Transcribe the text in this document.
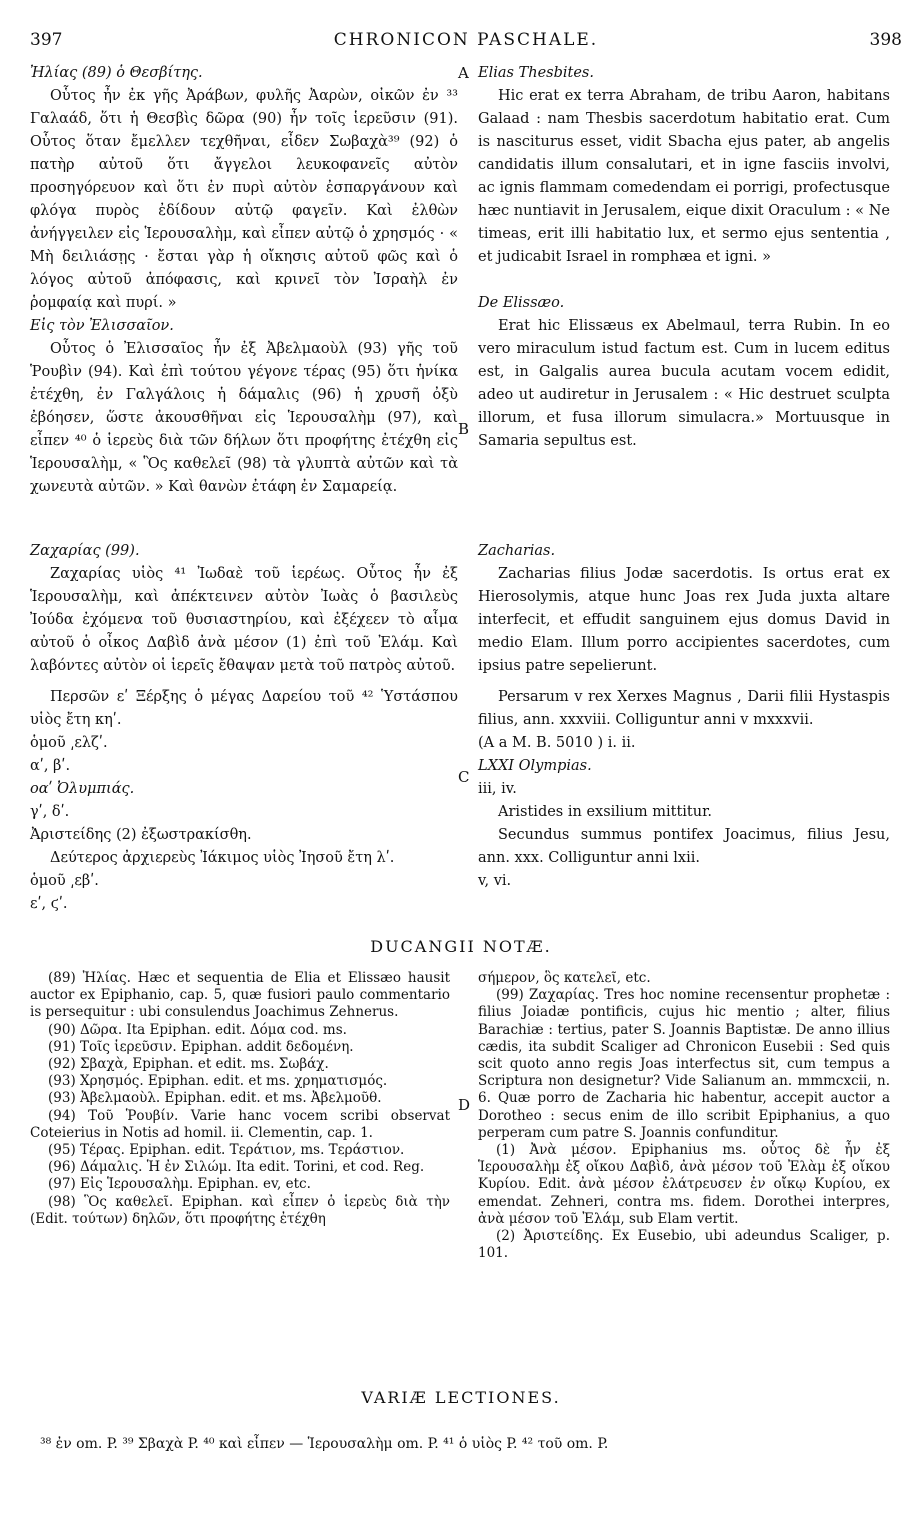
397	CHRONICON PASCHALE.	398

Ἠλίας (89) ὁ Θεσβίτης.

Οὗτος ἦν ἐκ γῆς Ἀράβων, φυλῆς Ἀαρὼν, οἰκῶν ἐν ³³ Γαλαάδ, ὅτι ἡ Θεσβὶς δῶρα (90) ἦν τοῖς ἱερεῦσιν (91). Οὗτος ὅταν ἔμελλεν τεχθῆναι, εἶδεν Σωβαχὰ³⁹ (92) ὁ πατὴρ αὐτοῦ ὅτι ἄγγελοι λευκοφανεῖς αὐτὸν προσηγόρευον καὶ ὅτι ἐν πυρὶ αὐτὸν ἐσπαργάνουν καὶ φλόγα πυρὸς ἐδίδουν αὐτῷ φαγεῖν. Καὶ ἐλθὼν ἀνήγγειλεν εἰς Ἱερουσαλὴμ, καὶ εἶπεν αὐτῷ ὁ χρησμός · « Μὴ δειλιάσῃς · ἔσται γὰρ ἡ οἴκησις αὐτοῦ φῶς καὶ ὁ λόγος αὐτοῦ ἀπόφασις, καὶ κρινεῖ τὸν Ἰσραὴλ ἐν ῥομφαίᾳ καὶ πυρί. »

Εἰς τὸν Ἐλισσαῖον.

Οὗτος ὁ Ἐλισσαῖος ἦν ἐξ Ἀβελμαοὺλ (93) γῆς τοῦ Ῥουβὶν (94). Καὶ ἐπὶ τούτου γέγονε τέρας (95) ὅτι ἡνίκα ἐτέχθη, ἐν Γαλγάλοις ἡ δάμαλις (96) ἡ χρυσῆ ὀξὺ ἐβόησεν, ὥστε ἀκουσθῆναι εἰς Ἱερουσαλὴμ (97), καὶ εἶπεν ⁴⁰ ὁ ἱερεὺς διὰ τῶν δήλων ὅτι προφήτης ἐτέχθη εἰς Ἱερουσαλὴμ, « Ὃς καθελεῖ (98) τὰ γλυπτὰ αὐτῶν καὶ τὰ χωνευτὰ αὐτῶν. » Καὶ θανὼν ἐτάφη ἐν Σαμαρείᾳ.

Elias Thesbites.

Hic erat ex terra Abraham, de tribu Aaron, habitans Galaad : nam Thesbis sacerdotum habitatio erat. Cum is nasciturus esset, vidit Sbacha ejus pater, ab angelis candidatis illum consalutari, et in igne fasciis involvi, ac ignis flammam comedendam ei porrigi, profectusque hæc nuntiavit in Jerusalem, eique dixit Oraculum : « Ne timeas, erit illi habitatio lux, et sermo ejus sententia , et judicabit Israel in romphæa et igni. »

De Elissæo.

Erat hic Elissæus ex Abelmaul, terra Rubin. In eo vero miraculum istud factum est. Cum in lucem editus est, in Galgalis aurea bucula acutam vocem edidit, adeo ut audiretur in Jerusalem : « Hic destruet sculpta illorum, et fusa illorum simulacra.» Mortuusque in Samaria sepultus est.

Ζαχαρίας (99).

Ζαχαρίας υἱὸς ⁴¹ Ἰωδαὲ τοῦ ἱερέως. Οὗτος ἦν ἐξ Ἱερουσαλὴμ, καὶ ἀπέκτεινεν αὐτὸν Ἰωὰς ὁ βασιλεὺς Ἰούδα ἐχόμενα τοῦ θυσιαστηρίου, καὶ ἐξέχεεν τὸ αἷμα αὐτοῦ ὁ οἶκος Δαβὶδ ἀνὰ μέσον (1) ἐπὶ τοῦ Ἐλάμ. Καὶ λαβόντες αὐτὸν οἱ ἱερεῖς ἔθαψαν μετὰ τοῦ πατρὸς αὐτοῦ.

Περσῶν εʹ Ξέρξης ὁ μέγας Δαρείου τοῦ ⁴² Ὑστάσπου υἱὸς ἔτη κηʹ.

ὁμοῦ ͵ελζʹ.

αʹ, βʹ.

οαʹ Ὀλυμπιάς.

γʹ, δʹ.

Ἀριστείδης (2) ἐξωστρακίσθη.

Δεύτερος ἀρχιερεὺς Ἰάκιμος υἱὸς Ἰησοῦ ἔτη λʹ.

ὁμοῦ ͵εβʹ.

εʹ, ϛʹ.

Zacharias.

Zacharias filius Jodæ sacerdotis. Is ortus erat ex Hierosolymis, atque hunc Joas rex Juda juxta altare interfecit, et effudit sanguinem ejus domus David in medio Elam. Illum porro accipientes sacerdotes, cum ipsius patre sepelierunt.

Persarum v rex Xerxes Magnus , Darii filii Hystaspis filius, ann. xxxviii. Colliguntur anni v mxxxvii.

(A a M. B. 5010 ) i. ii.

LXXI Olympias.

iii, iv.

Aristides in exsilium mittitur.

Secundus summus pontifex Joacimus, filius Jesu, ann. xxx. Colliguntur anni lxii.

v, vi.

A
B
C
D
DUCANGII NOTÆ.

(89) Ἠλίας. Hæc et sequentia de Elia et Elissæo hausit auctor ex Epiphanio, cap. 5, quæ fusiori paulo commentario is persequitur : ubi consulendus Joachimus Zehnerus.

(90) Δῶρα. Ita Epiphan. edit. Δόμα cod. ms.

(91) Τοῖς ἱερεῦσιν. Epiphan. addit δεδομένη.

(92) Σβαχὰ, Epiphan. et edit. ms. Σωβάχ.

(93) Χρησμός. Epiphan. edit. et ms. χρηματισμός.

(93) Ἀβελμαοὺλ. Epiphan. edit. et ms. Ἀβελμοῦθ.

(94) Τοῦ Ῥουβίν. Varie hanc vocem scribi observat Coteierius in Notis ad homil. ii. Clementin, cap. 1.

(95) Τέρας. Epiphan. edit. Τεράτιον, ms. Τεράστιον.

(96) Δάμαλις. Ἡ ἐν Σιλώμ. Ita edit. Torini, et cod. Reg.

(97) Εἰς Ἱερουσαλὴμ. Epiphan. ev, etc.

(98) Ὃς καθελεῖ. Epiphan. καὶ εἶπεν ὁ ἱερεὺς διὰ τὴν (Edit. τούτων) δηλῶν, ὅτι προφήτης ἐτέχθη

σήμερον, ὃς κατελεῖ, etc.

(99) Ζαχαρίας. Tres hoc nomine recensentur prophetæ : filius Joiadæ pontificis, cujus hic mentio ; alter, filius Barachiæ : tertius, pater S. Joannis Baptistæ. De anno illius cædis, ita subdit Scaliger ad Chronicon Eusebii : Sed quis scit quoto anno regis Joas interfectus sit, cum tempus a Scriptura non designetur? Vide Salianum an. mmmcxcii, n. 6. Quæ porro de Zacharia hic habentur, accepit auctor a Dorotheo : secus enim de illo scribit Epiphanius, a quo perperam cum patre S. Joannis confunditur.

(1) Ἀνὰ μέσον. Epiphanius ms. οὗτος δὲ ἦν ἐξ Ἱερουσαλὴμ ἐξ οἴκου Δαβὶδ, ἀνὰ μέσον τοῦ Ἐλὰμ ἐξ οἴκου Κυρίου. Edit. ἀνὰ μέσον ἐλάτρευσεν ἐν οἴκῳ Κυρίου, ex emendat. Zehneri, contra ms. fidem. Dorothei interpres, ἀνὰ μέσον τοῦ Ἐλάμ, sub Elam vertit.

(2) Ἀριστείδης. Ex Eusebio, ubi adeundus Scaliger, p. 101.

VARIÆ LECTIONES.
³⁸ ἐν om. P. ³⁹ Σβαχὰ P. ⁴⁰ καὶ εἶπεν — Ἱερουσαλὴμ om. P. ⁴¹ ὁ υἱὸς P. ⁴² τοῦ om. P.
